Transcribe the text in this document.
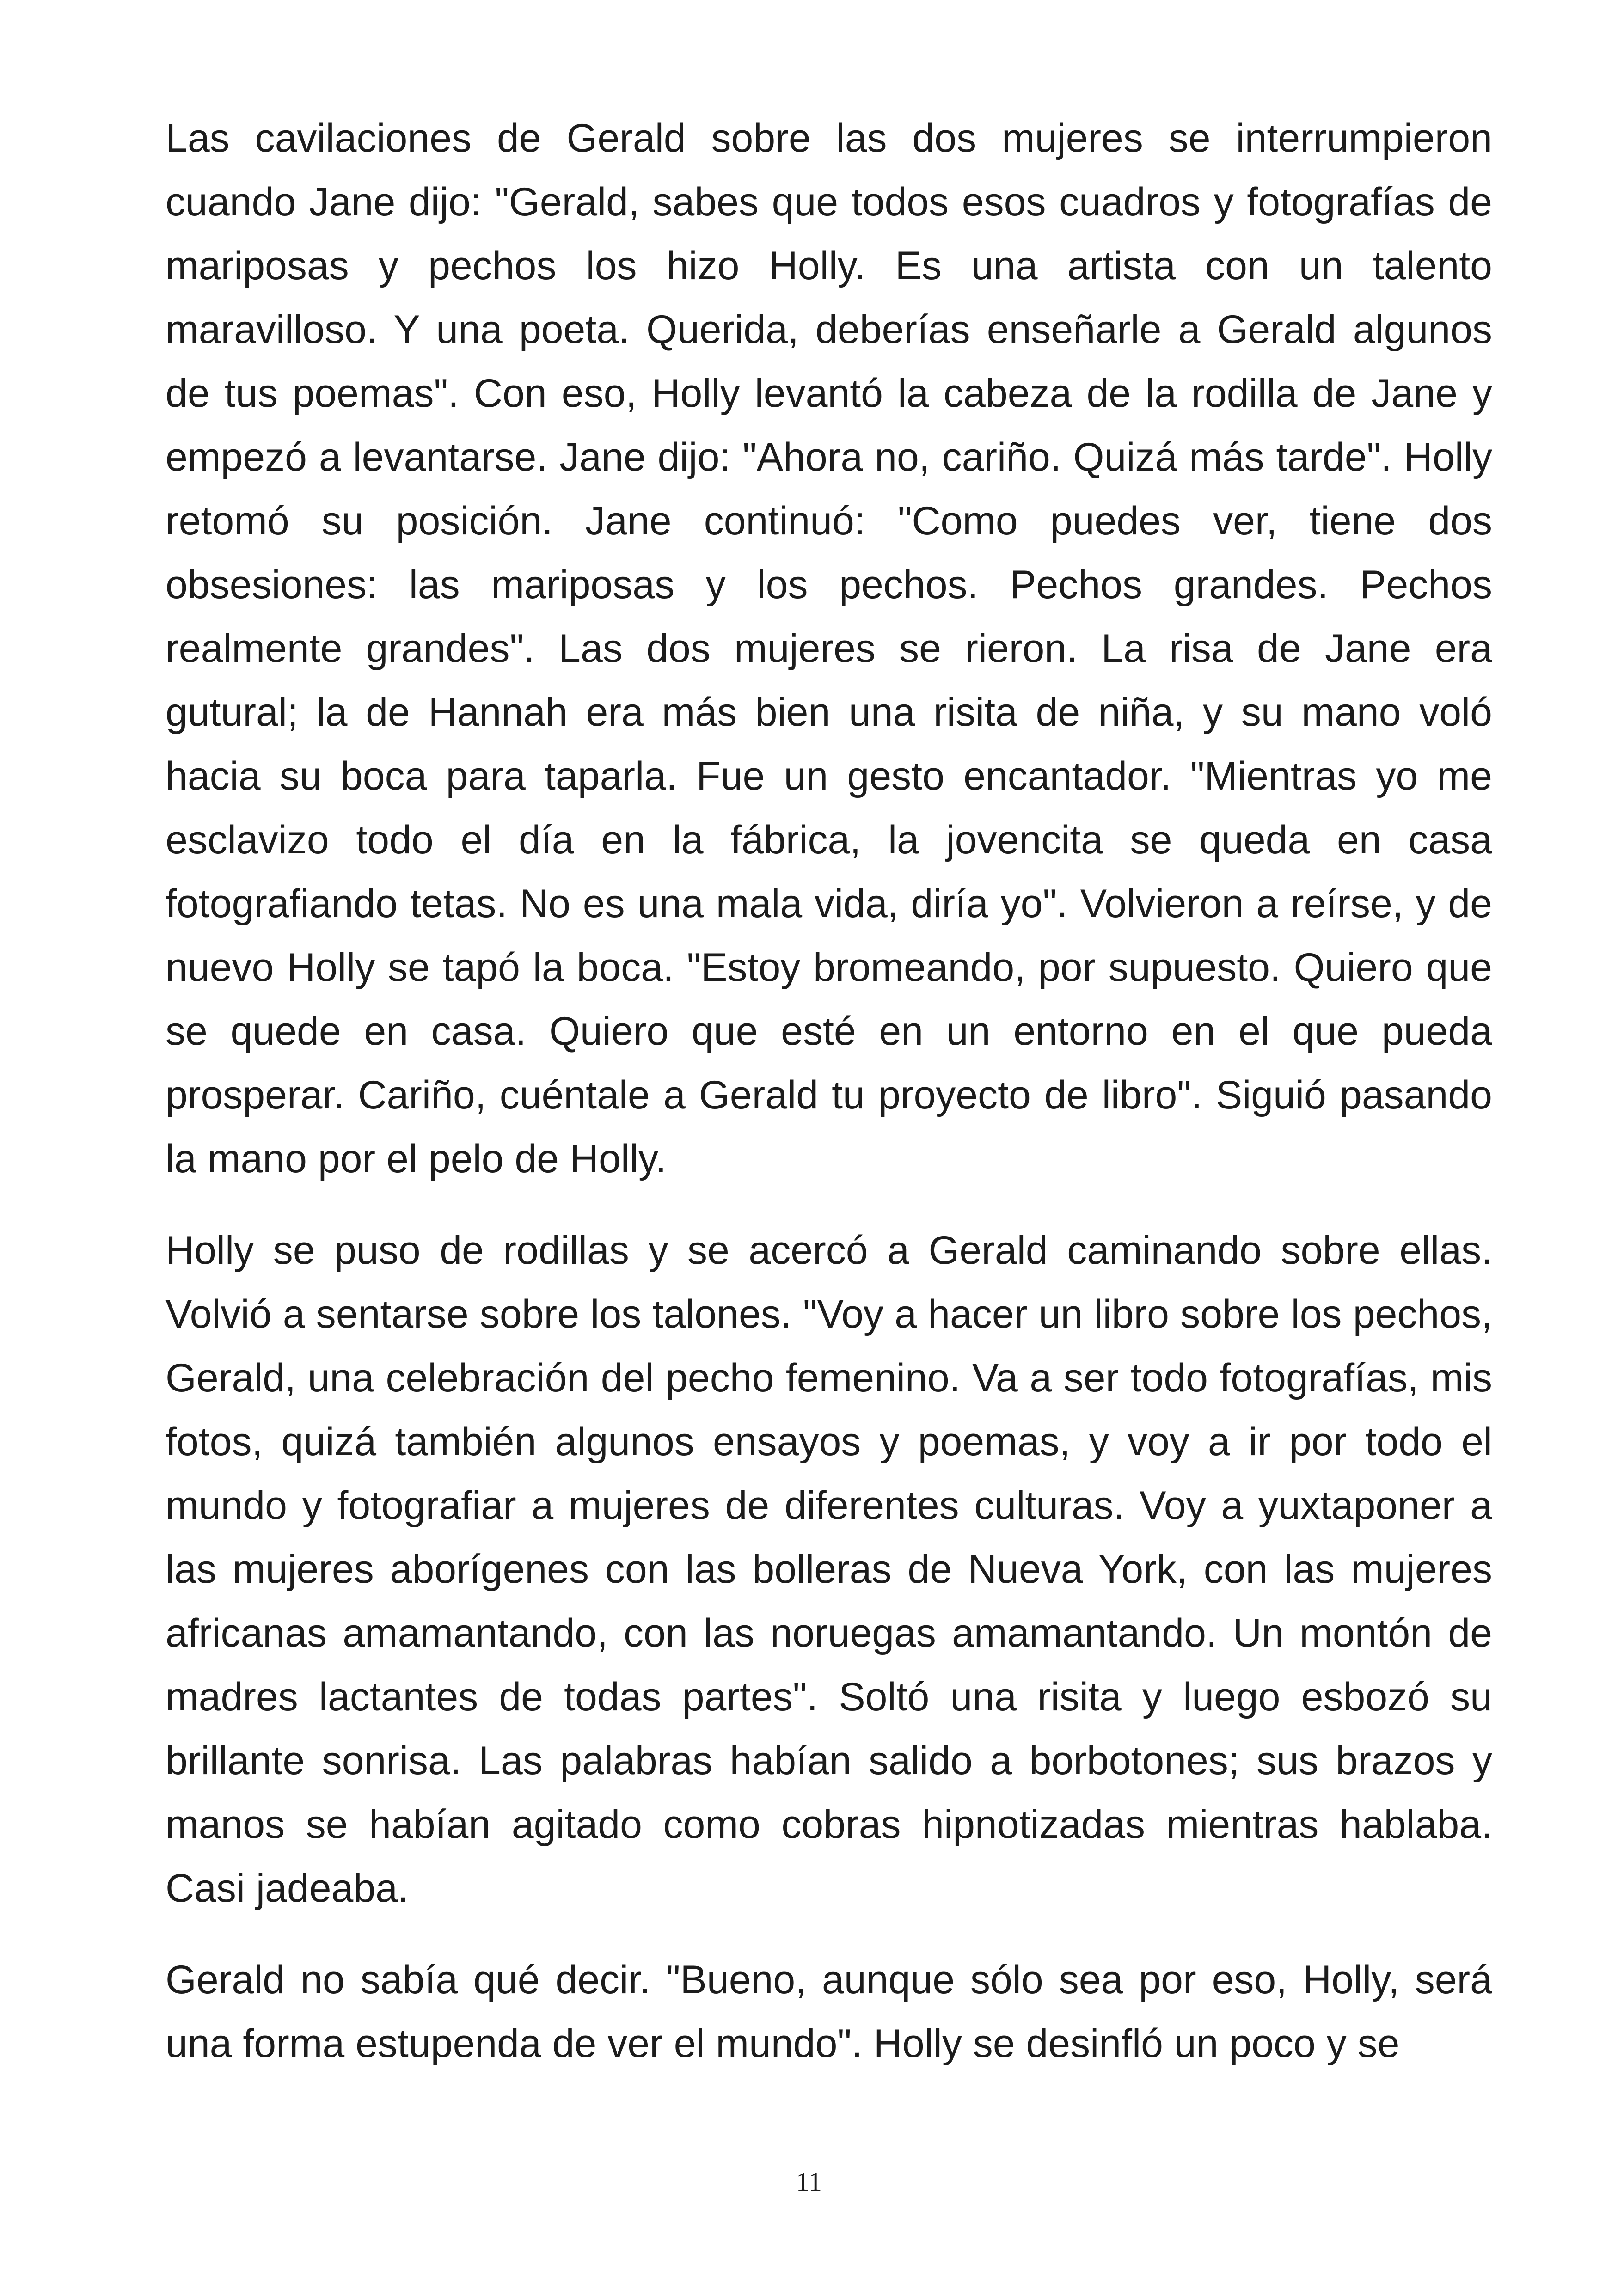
Las cavilaciones de Gerald sobre las dos mujeres se interrumpieron cuando Jane dijo: "Gerald, sabes que todos esos cuadros y fotografías de mariposas y pechos los hizo Holly. Es una artista con un talento maravilloso. Y una poeta. Querida, deberías enseñarle a Gerald algunos de tus poemas". Con eso, Holly levantó la cabeza de la rodilla de Jane y empezó a levantarse. Jane dijo: "Ahora no, cariño. Quizá más tarde". Holly retomó su posición. Jane continuó: "Como puedes ver, tiene dos obsesiones: las mariposas y los pechos. Pechos grandes. Pechos realmente grandes". Las dos mujeres se rieron. La risa de Jane era gutural; la de Hannah era más bien una risita de niña, y su mano voló hacia su boca para taparla. Fue un gesto encantador. "Mientras yo me esclavizo todo el día en la fábrica, la jovencita se queda en casa fotografiando tetas. No es una mala vida, diría yo". Volvieron a reírse, y de nuevo Holly se tapó la boca. "Estoy bromeando, por supuesto. Quiero que se quede en casa. Quiero que esté en un entorno en el que pueda prosperar. Cariño, cuéntale a Gerald tu proyecto de libro". Siguió pasando la mano por el pelo de Holly.

Holly se puso de rodillas y se acercó a Gerald caminando sobre ellas. Volvió a sentarse sobre los talones. "Voy a hacer un libro sobre los pechos, Gerald, una celebración del pecho femenino. Va a ser todo fotografías, mis fotos, quizá también algunos ensayos y poemas, y voy a ir por todo el mundo y fotografiar a mujeres de diferentes culturas. Voy a yuxtaponer a las mujeres aborígenes con las bolleras de Nueva York, con las mujeres africanas amamantando, con las noruegas amamantando. Un montón de madres lactantes de todas partes". Soltó una risita y luego esbozó su brillante sonrisa. Las palabras habían salido a borbotones; sus brazos y manos se habían agitado como cobras hipnotizadas mientras hablaba. Casi jadeaba.

Gerald no sabía qué decir. "Bueno, aunque sólo sea por eso, Holly, será una forma estupenda de ver el mundo". Holly se desinfló un poco y se

11
